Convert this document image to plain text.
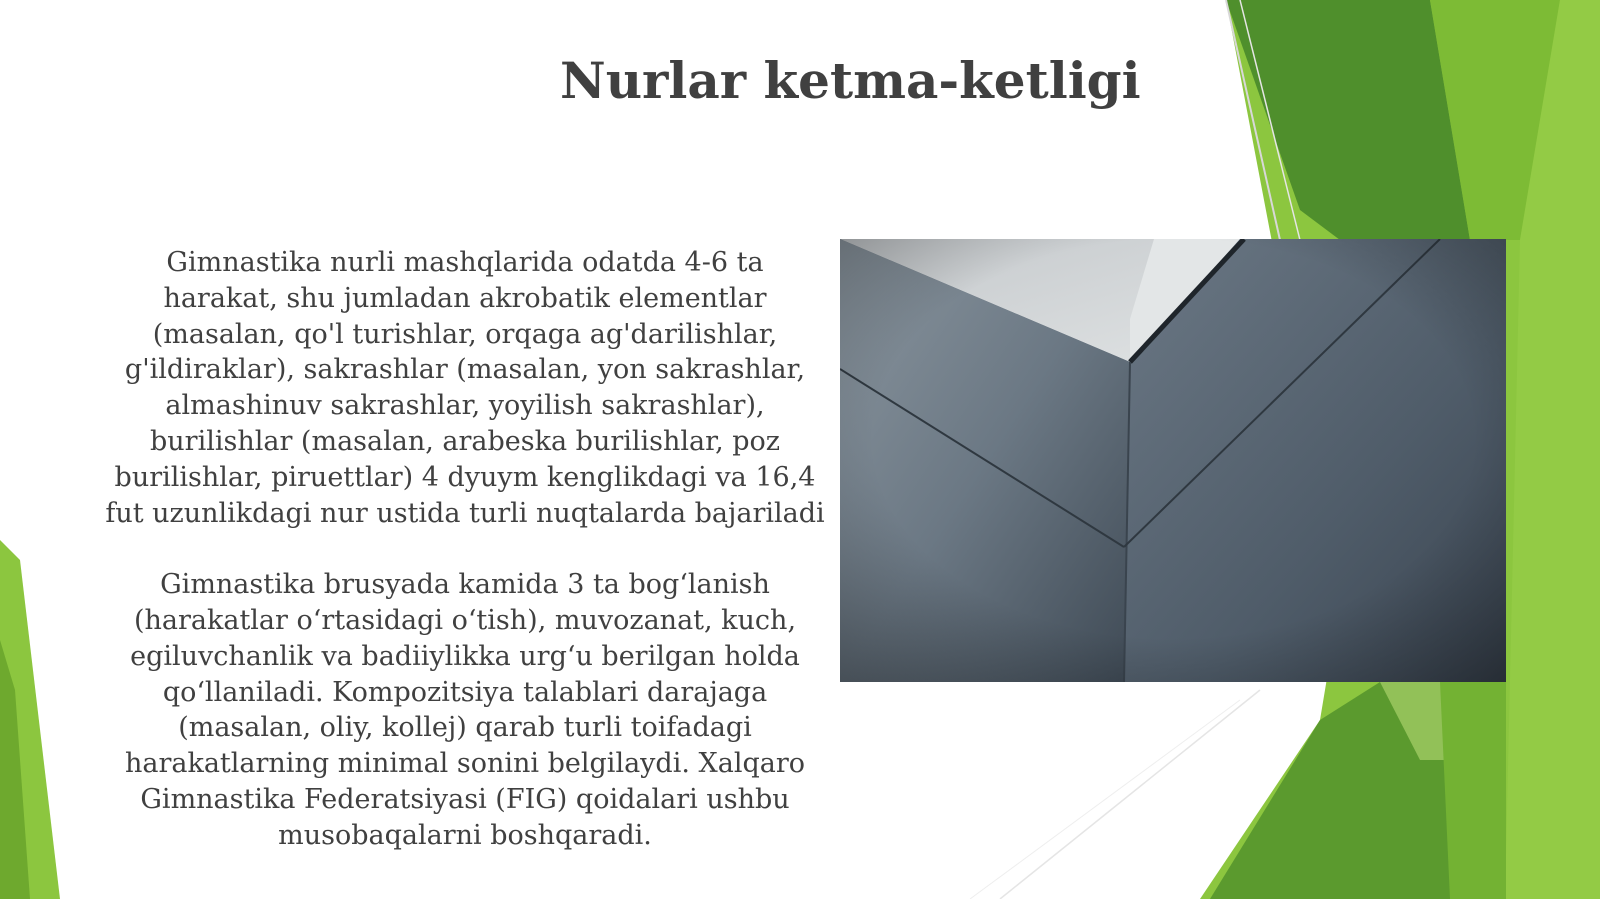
Nurlar ketma-ketligi

Gimnastika nurli mashqlarida odatda 4-6 ta harakat, shu jumladan akrobatik elementlar (masalan, qo'l turishlar, orqaga ag'darilishlar, g'ildiraklar), sakrashlar (masalan, yon sakrashlar, almashinuv sakrashlar, yoyilish sakrashlar), burilishlar (masalan, arabeska burilishlar, poz burilishlar, piruettlar) 4 dyuym kenglikdagi va 16,4 fut uzunlikdagi nur ustida turli nuqtalarda bajariladi

Gimnastika brusyada kamida 3 ta bog‘lanish (harakatlar o‘rtasidagi o‘tish), muvozanat, kuch, egiluvchanlik va badiiylikka urg‘u berilgan holda qo‘llaniladi. Kompozitsiya talablari darajaga (masalan, oliy, kollej) qarab turli toifadagi harakatlarning minimal sonini belgilaydi. Xalqaro Gimnastika Federatsiyasi (FIG) qoidalari ushbu musobaqalarni boshqaradi.
